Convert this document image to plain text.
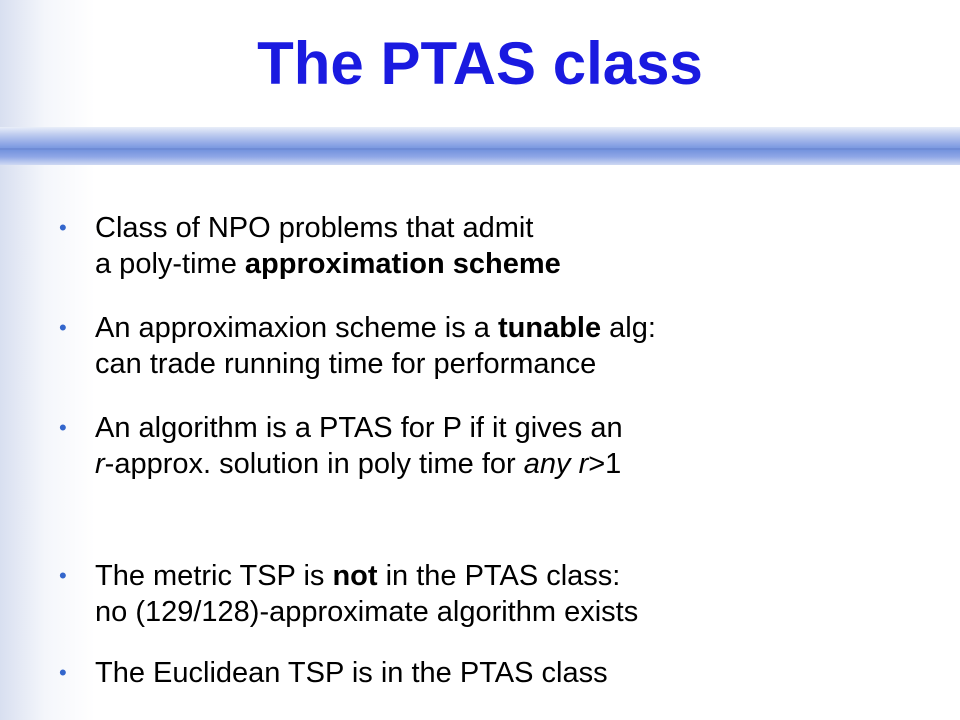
The PTAS class
• Class of NPO problems that admit
a poly-time approximation scheme
• An approximaxion scheme is a tunable alg:
can trade running time for performance
• An algorithm is a PTAS for P if it gives an
r-approx. solution in poly time for any r>1
• The metric TSP is not in the PTAS class:
no (129/128)-approximate algorithm exists
• The Euclidean TSP is in the PTAS class
